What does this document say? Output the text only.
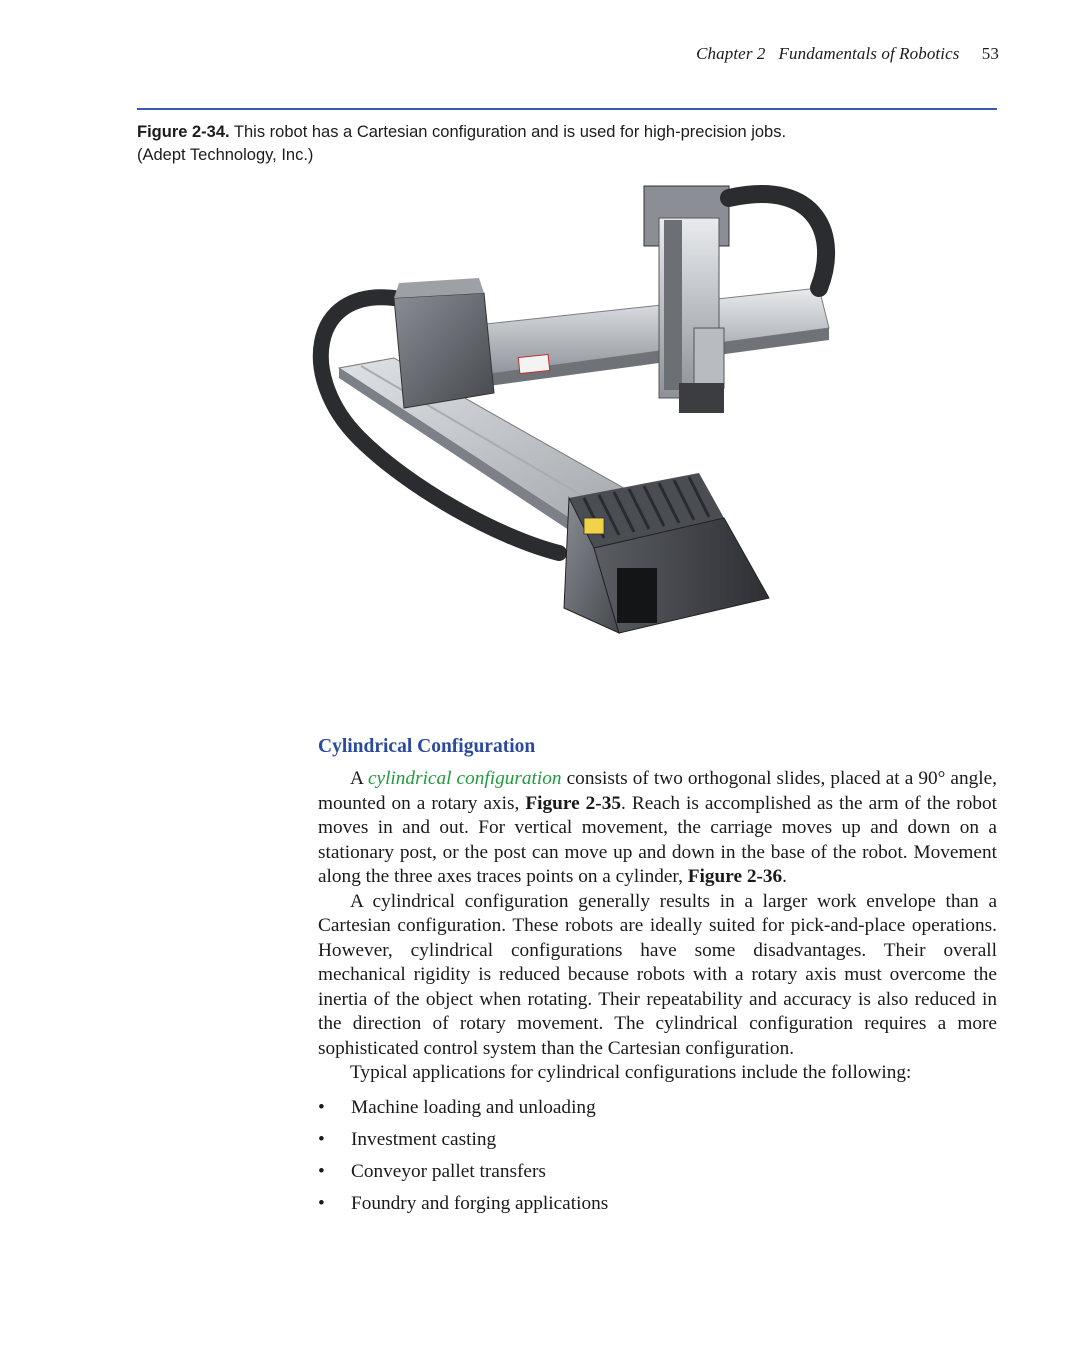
Chapter 2 Fundamentals of Robotics 53
Figure 2-34. This robot has a Cartesian configuration and is used for high-precision jobs.
(Adept Technology, Inc.)
Cylindrical Configuration

A cylindrical configuration consists of two orthogonal slides, placed at a 90° angle, mounted on a rotary axis, Figure 2-35. Reach is accomplished as the arm of the robot moves in and out. For vertical movement, the carriage moves up and down on a stationary post, or the post can move up and down in the base of the robot. Movement along the three axes traces points on a cylinder, Figure 2-36.

A cylindrical configuration generally results in a larger work envelope than a Cartesian configuration. These robots are ideally suited for pick-and-place operations. However, cylindrical configurations have some disadvantages. Their overall mechanical rigidity is reduced because robots with a rotary axis must overcome the inertia of the object when rotating. Their repeatability and accuracy is also reduced in the direction of rotary movement. The cylindrical configuration requires a more sophisticated control system than the Cartesian configuration.

Typical applications for cylindrical configurations include the following:

• Machine loading and unloading
• Investment casting
• Conveyor pallet transfers
• Foundry and forging applications
